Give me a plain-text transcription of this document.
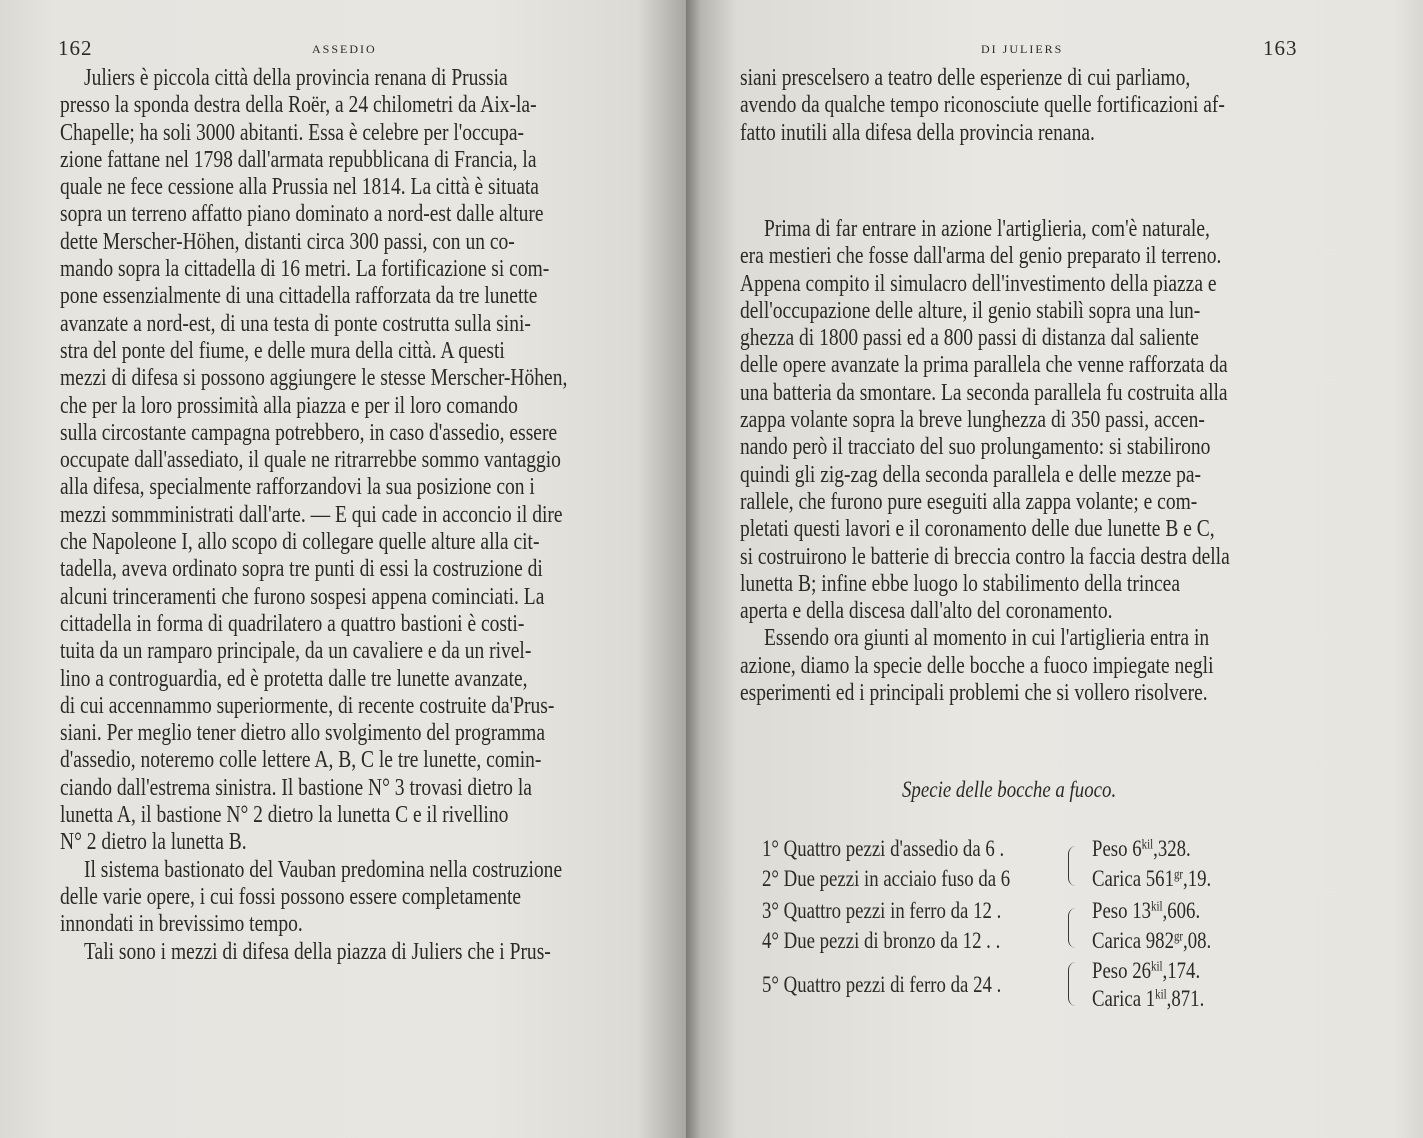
162	ASSEDIO
Juliers è piccola città della provincia renana di Prussia
presso la sponda destra della Roër, a 24 chilometri da Aix-la-
Chapelle; ha soli 3000 abitanti. Essa è celebre per l'occupa-
zione fattane nel 1798 dall'armata repubblicana di Francia, la
quale ne fece cessione alla Prussia nel 1814. La città è situata
sopra un terreno affatto piano dominato a nord-est dalle alture
dette Merscher-Höhen, distanti circa 300 passi, con un co-
mando sopra la cittadella di 16 metri. La fortificazione si com-
pone essenzialmente di una cittadella rafforzata da tre lunette
avanzate a nord-est, di una testa di ponte costrutta sulla sini-
stra del ponte del fiume, e delle mura della città. A questi
mezzi di difesa si possono aggiungere le stesse Merscher-Höhen,
che per la loro prossimità alla piazza e per il loro comando
sulla circostante campagna potrebbero, in caso d'assedio, essere
occupate dall'assediato, il quale ne ritrarrebbe sommo vantaggio
alla difesa, specialmente rafforzandovi la sua posizione con i
mezzi sommministrati dall'arte. — E qui cade in acconcio il dire
che Napoleone I, allo scopo di collegare quelle alture alla cit-
tadella, aveva ordinato sopra tre punti di essi la costruzione di
alcuni trinceramenti che furono sospesi appena cominciati. La
cittadella in forma di quadrilatero a quattro bastioni è costi-
tuita da un ramparo principale, da un cavaliere e da un rivel-
lino a controguardia, ed è protetta dalle tre lunette avanzate,
di cui accennammo superiormente, di recente costruite da'Prus-
siani. Per meglio tener dietro allo svolgimento del programma
d'assedio, noteremo colle lettere A, B, C le tre lunette, comin-
ciando dall'estrema sinistra. Il bastione N° 3 trovasi dietro la
lunetta A, il bastione N° 2 dietro la lunetta C e il rivellino
N° 2 dietro la lunetta B.
Il sistema bastionato del Vauban predomina nella costruzione
delle varie opere, i cui fossi possono essere completamente
innondati in brevissimo tempo.
Tali sono i mezzi di difesa della piazza di Juliers che i Prus-
DI JULIERS	163
siani prescelsero a teatro delle esperienze di cui parliamo,
avendo da qualche tempo riconosciute quelle fortificazioni af-
fatto inutili alla difesa della provincia renana.
Prima di far entrare in azione l'artiglieria, com'è naturale,
era mestieri che fosse dall'arma del genio preparato il terreno.
Appena compito il simulacro dell'investimento della piazza e
dell'occupazione delle alture, il genio stabilì sopra una lun-
ghezza di 1800 passi ed a 800 passi di distanza dal saliente
delle opere avanzate la prima parallela che venne rafforzata da
una batteria da smontare. La seconda parallela fu costruita alla
zappa volante sopra la breve lunghezza di 350 passi, accen-
nando però il tracciato del suo prolungamento: si stabilirono
quindi gli zig-zag della seconda parallela e delle mezze pa-
rallele, che furono pure eseguiti alla zappa volante; e com-
pletati questi lavori e il coronamento delle due lunette B e C,
si costruirono le batterie di breccia contro la faccia destra della
lunetta B; infine ebbe luogo lo stabilimento della trincea
aperta e della discesa dall'alto del coronamento.
Essendo ora giunti al momento in cui l'artiglieria entra in
azione, diamo la specie delle bocche a fuoco impiegate negli
esperimenti ed i principali problemi che si vollero risolvere.
Specie delle bocche a fuoco.
1° Quattro pezzi d'assedio da 6 .
2° Due pezzi in acciaio fuso da 6
3° Quattro pezzi in ferro da 12 .
4° Due pezzi di bronzo da 12 . .
5° Quattro pezzi di ferro da 24 .
Peso $6^{kil},328$.
Carica $561^{gr},19$.
Peso $13^{kil},606$.
Carica $982^{gr},08$.
Peso $26^{kil},174$.
Carica $1^{kil},871$.
